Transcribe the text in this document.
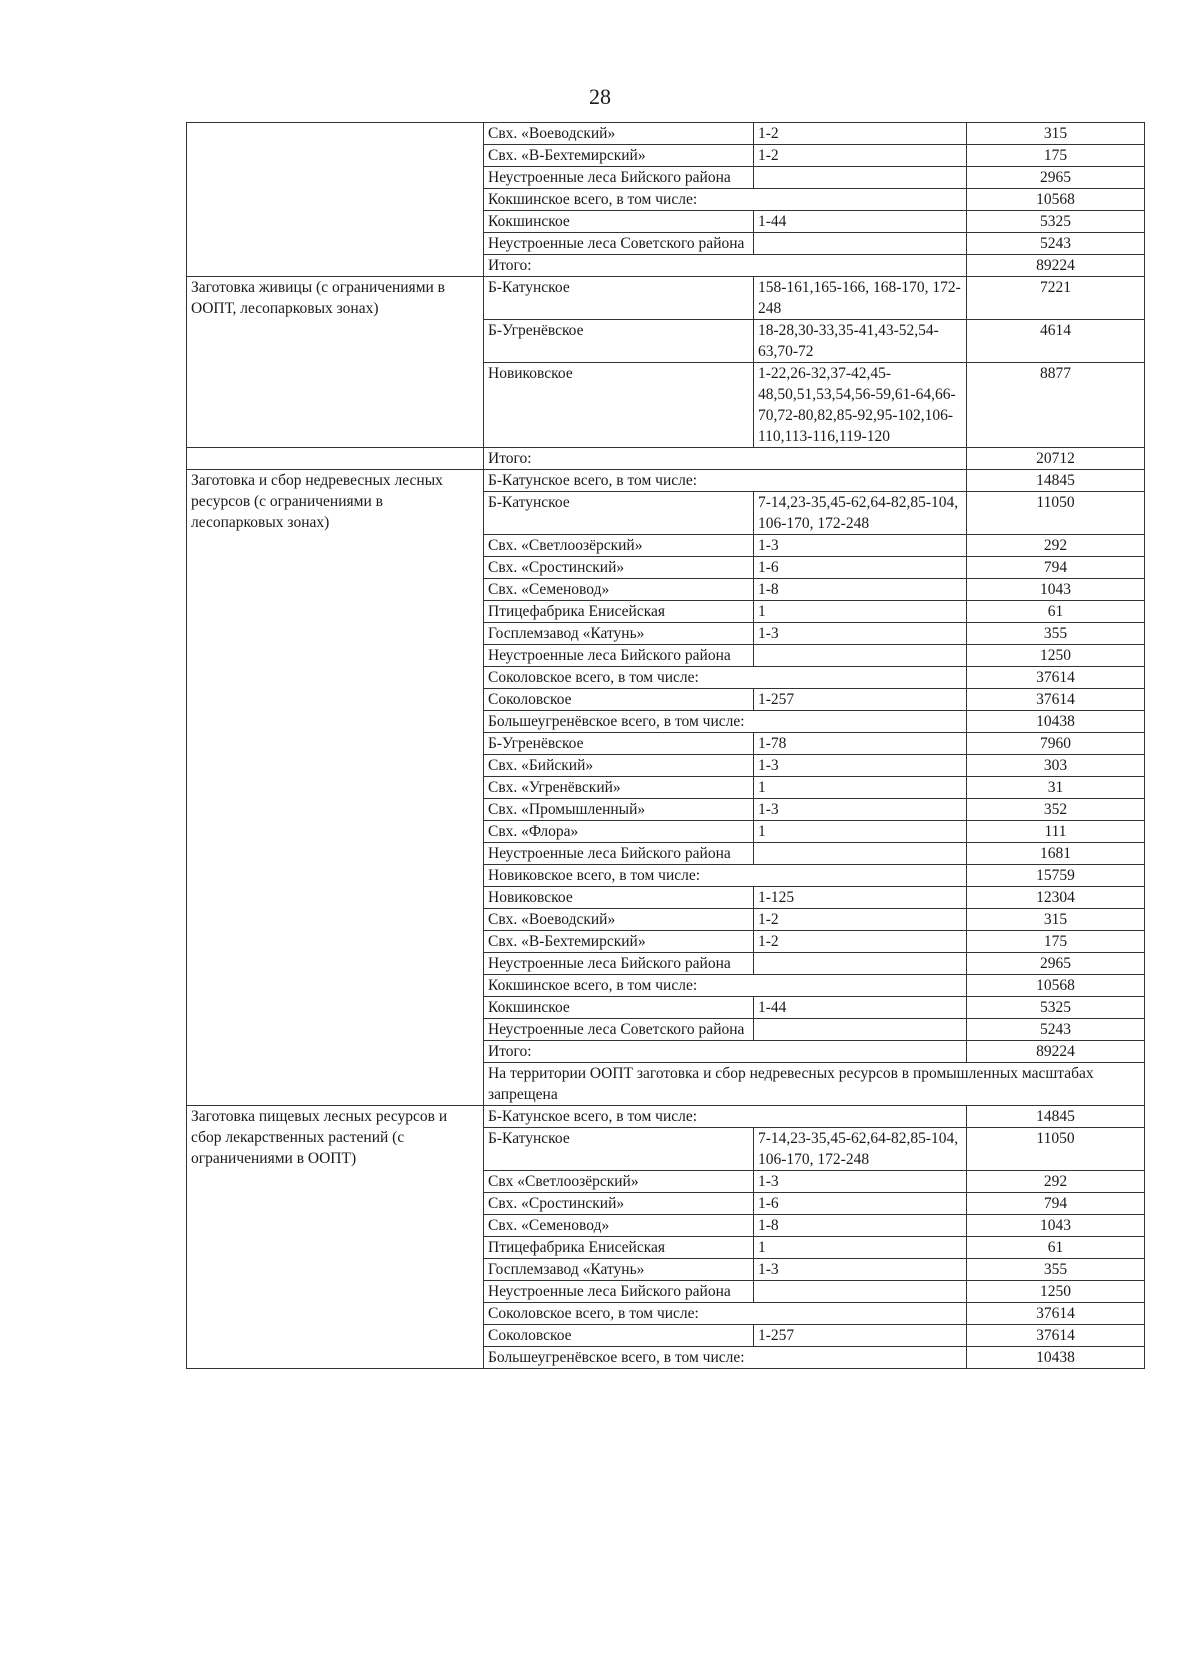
28
	Свх. «Воеводский»	1-2	315
	Свх. «В-Бехтемирский»	1-2	175
	Неустроенные леса Бийского района		2965
	Кокшинское всего, в том числе:		10568
	Кокшинское	1-44	5325
	Неустроенные леса Советского района		5243
	Итого:		89224
Заготовка живицы (с ограничениями в ООПТ, лесопарковых зонах)	Б-Катунское	158-161,165-166, 168-170, 172-248	7221
	Б-Угренёвское	18-28,30-33,35-41,43-52,54-63,70-72	4614
	Новиковское	1-22,26-32,37-42,45-48,50,51,53,54,56-59,61-64,66-70,72-80,82,85-92,95-102,106-110,113-116,119-120	8877
	Итого:		20712
Заготовка и сбор недревесных лесных ресурсов (с ограничениями в лесопарковых зонах)	Б-Катунское всего, в том числе:		14845
	Б-Катунское	7-14,23-35,45-62,64-82,85-104, 106-170, 172-248	11050
	Свх. «Светлоозёрский»	1-3	292
	Свх. «Сростинский»	1-6	794
	Свх. «Семеновод»	1-8	1043
	Птицефабрика Енисейская	1	61
	Госплемзавод «Катунь»	1-3	355
	Неустроенные леса Бийского района		1250
	Соколовское всего, в том числе:		37614
	Соколовское	1-257	37614
	Большеугренёвское всего, в том числе:		10438
	Б-Угренёвское	1-78	7960
	Свх. «Бийский»	1-3	303
	Свх. «Угренёвский»	1	31
	Свх. «Промышленный»	1-3	352
	Свх. «Флора»	1	111
	Неустроенные леса Бийского района		1681
	Новиковское всего, в том числе:		15759
	Новиковское	1-125	12304
	Свх. «Воеводский»	1-2	315
	Свх. «В-Бехтемирский»	1-2	175
	Неустроенные леса Бийского района		2965
	Кокшинское всего, в том числе:		10568
	Кокшинское	1-44	5325
	Неустроенные леса Советского района		5243
	Итого:		89224
	На территории ООПТ заготовка и сбор недревесных ресурсов в промышленных масштабах запрещена		
Заготовка пищевых лесных ресурсов и сбор лекарственных растений (с ограничениями в ООПТ)	Б-Катунское всего, в том числе:		14845
	Б-Катунское	7-14,23-35,45-62,64-82,85-104, 106-170, 172-248	11050
	Свх «Светлоозёрский»	1-3	292
	Свх. «Сростинский»	1-6	794
	Свх. «Семеновод»	1-8	1043
	Птицефабрика Енисейская	1	61
	Госплемзавод «Катунь»	1-3	355
	Неустроенные леса Бийского района		1250
	Соколовское всего, в том числе:		37614
	Соколовское	1-257	37614
	Большеугренёвское всего, в том числе:		10438
